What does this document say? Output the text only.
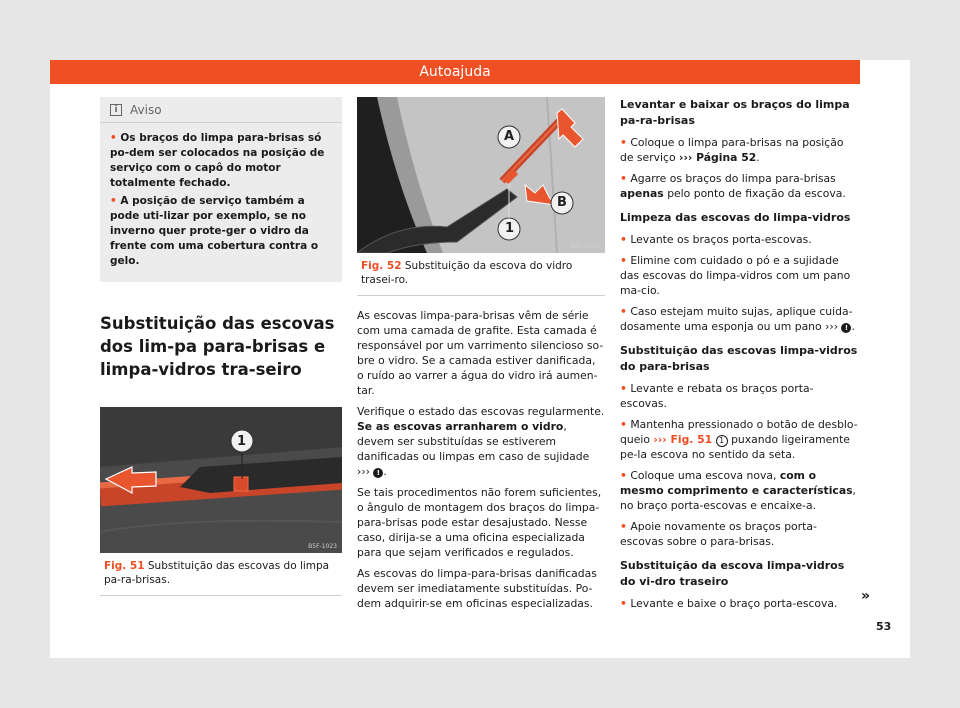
Autoajuda
i	Aviso

• Os braços do limpa para-brisas só po-dem ser colocados na posição de serviço com o capô do motor totalmente fechado.

• A posição de serviço também a pode uti-lizar por exemplo, se no inverno quer prote-ger o vidro da frente com uma cobertura contra o gelo.

Substituição das escovas dos lim-pa para-brisas e limpa-vidros tra-seiro
1
B5F-1023
Fig. 51 Substituição das escovas do limpa pa-ra-brisas.
A
B
1
B5F-1024
Fig. 52 Substituição da escova do vidro trasei-ro.

As escovas limpa-para-brisas vêm de série com uma camada de grafite. Esta camada é responsável por um varrimento silencioso so-bre o vidro. Se a camada estiver danificada, o ruído ao varrer a água do vidro irá aumen-tar.

Verifique o estado das escovas regularmente.
Se as escovas arranharem o vidro, devem ser substituídas se estiverem danificadas ou limpas em caso de sujidade ››› ! .

Se tais procedimentos não forem suficientes, o ângulo de montagem dos braços do limpa-para-brisas pode estar desajustado. Nesse caso, dirija-se a uma oficina especializada para que sejam verificados e regulados.

As escovas do limpa-para-brisas danificadas devem ser imediatamente substituídas. Po-dem adquirir-se em oficinas especializadas.

Levantar e baixar os braços do limpa pa-ra-brisas

• Coloque o limpa para-brisas na posição de serviço ››› Página 52.

• Agarre os braços do limpa para-brisas apenas pelo ponto de fixação da escova.

Limpeza das escovas do limpa-vidros

• Levante os braços porta-escovas.

• Elimine com cuidado o pó e a sujidade das escovas do limpa-vidros com um pano ma-cio.

• Caso estejam muito sujas, aplique cuida-dosamente uma esponja ou um pano ››› ! .

Substituição das escovas limpa-vidros do para-brisas

• Levante e rebata os braços porta-escovas.

• Mantenha pressionado o botão de desblo-queio ››› Fig. 51 1 puxando ligeiramente pe-la escova no sentido da seta.

• Coloque uma escova nova, com o mesmo comprimento e características, no braço porta-escovas e encaixe-a.

• Apoie novamente os braços porta-escovas sobre o para-brisas.

Substituição da escova limpa-vidros do vi-dro traseiro

• Levante e baixe o braço porta-escova.	»
53
